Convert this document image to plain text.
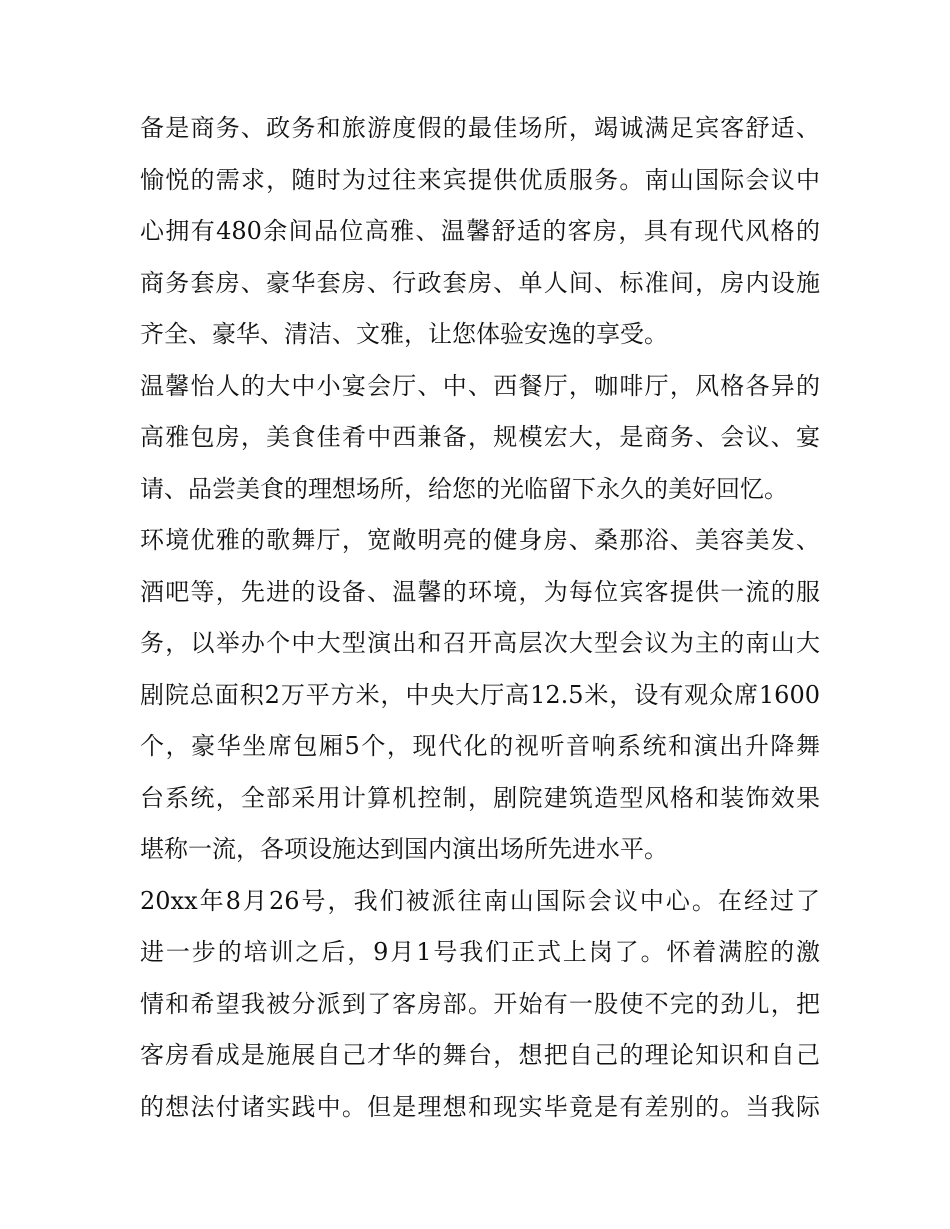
备是商务、政务和旅游度假的最佳场所，竭诚满足宾客舒适、
愉悦的需求，随时为过往来宾提供优质服务。南山国际会议中
心拥有480余间品位高雅、温馨舒适的客房，具有现代风格的
商务套房、豪华套房、行政套房、单人间、标准间，房内设施
齐全、豪华、清洁、文雅，让您体验安逸的享受。
温馨怡人的大中小宴会厅、中、西餐厅，咖啡厅，风格各异的
高雅包房，美食佳肴中西兼备，规模宏大，是商务、会议、宴
请、品尝美食的理想场所，给您的光临留下永久的美好回忆。
环境优雅的歌舞厅，宽敞明亮的健身房、桑那浴、美容美发、
酒吧等，先进的设备、温馨的环境，为每位宾客提供一流的服
务，以举办个中大型演出和召开高层次大型会议为主的南山大
剧院总面积2万平方米，中央大厅高12.5米，设有观众席1600
个，豪华坐席包厢5个，现代化的视听音响系统和演出升降舞
台系统，全部采用计算机控制，剧院建筑造型风格和装饰效果
堪称一流，各项设施达到国内演出场所先进水平。
20xx年8月26号，我们被派往南山国际会议中心。在经过了
进一步的培训之后，9月1号我们正式上岗了。怀着满腔的激
情和希望我被分派到了客房部。开始有一股使不完的劲儿，把
客房看成是施展自己才华的舞台，想把自己的理论知识和自己
的想法付诸实践中。但是理想和现实毕竟是有差别的。当我际
